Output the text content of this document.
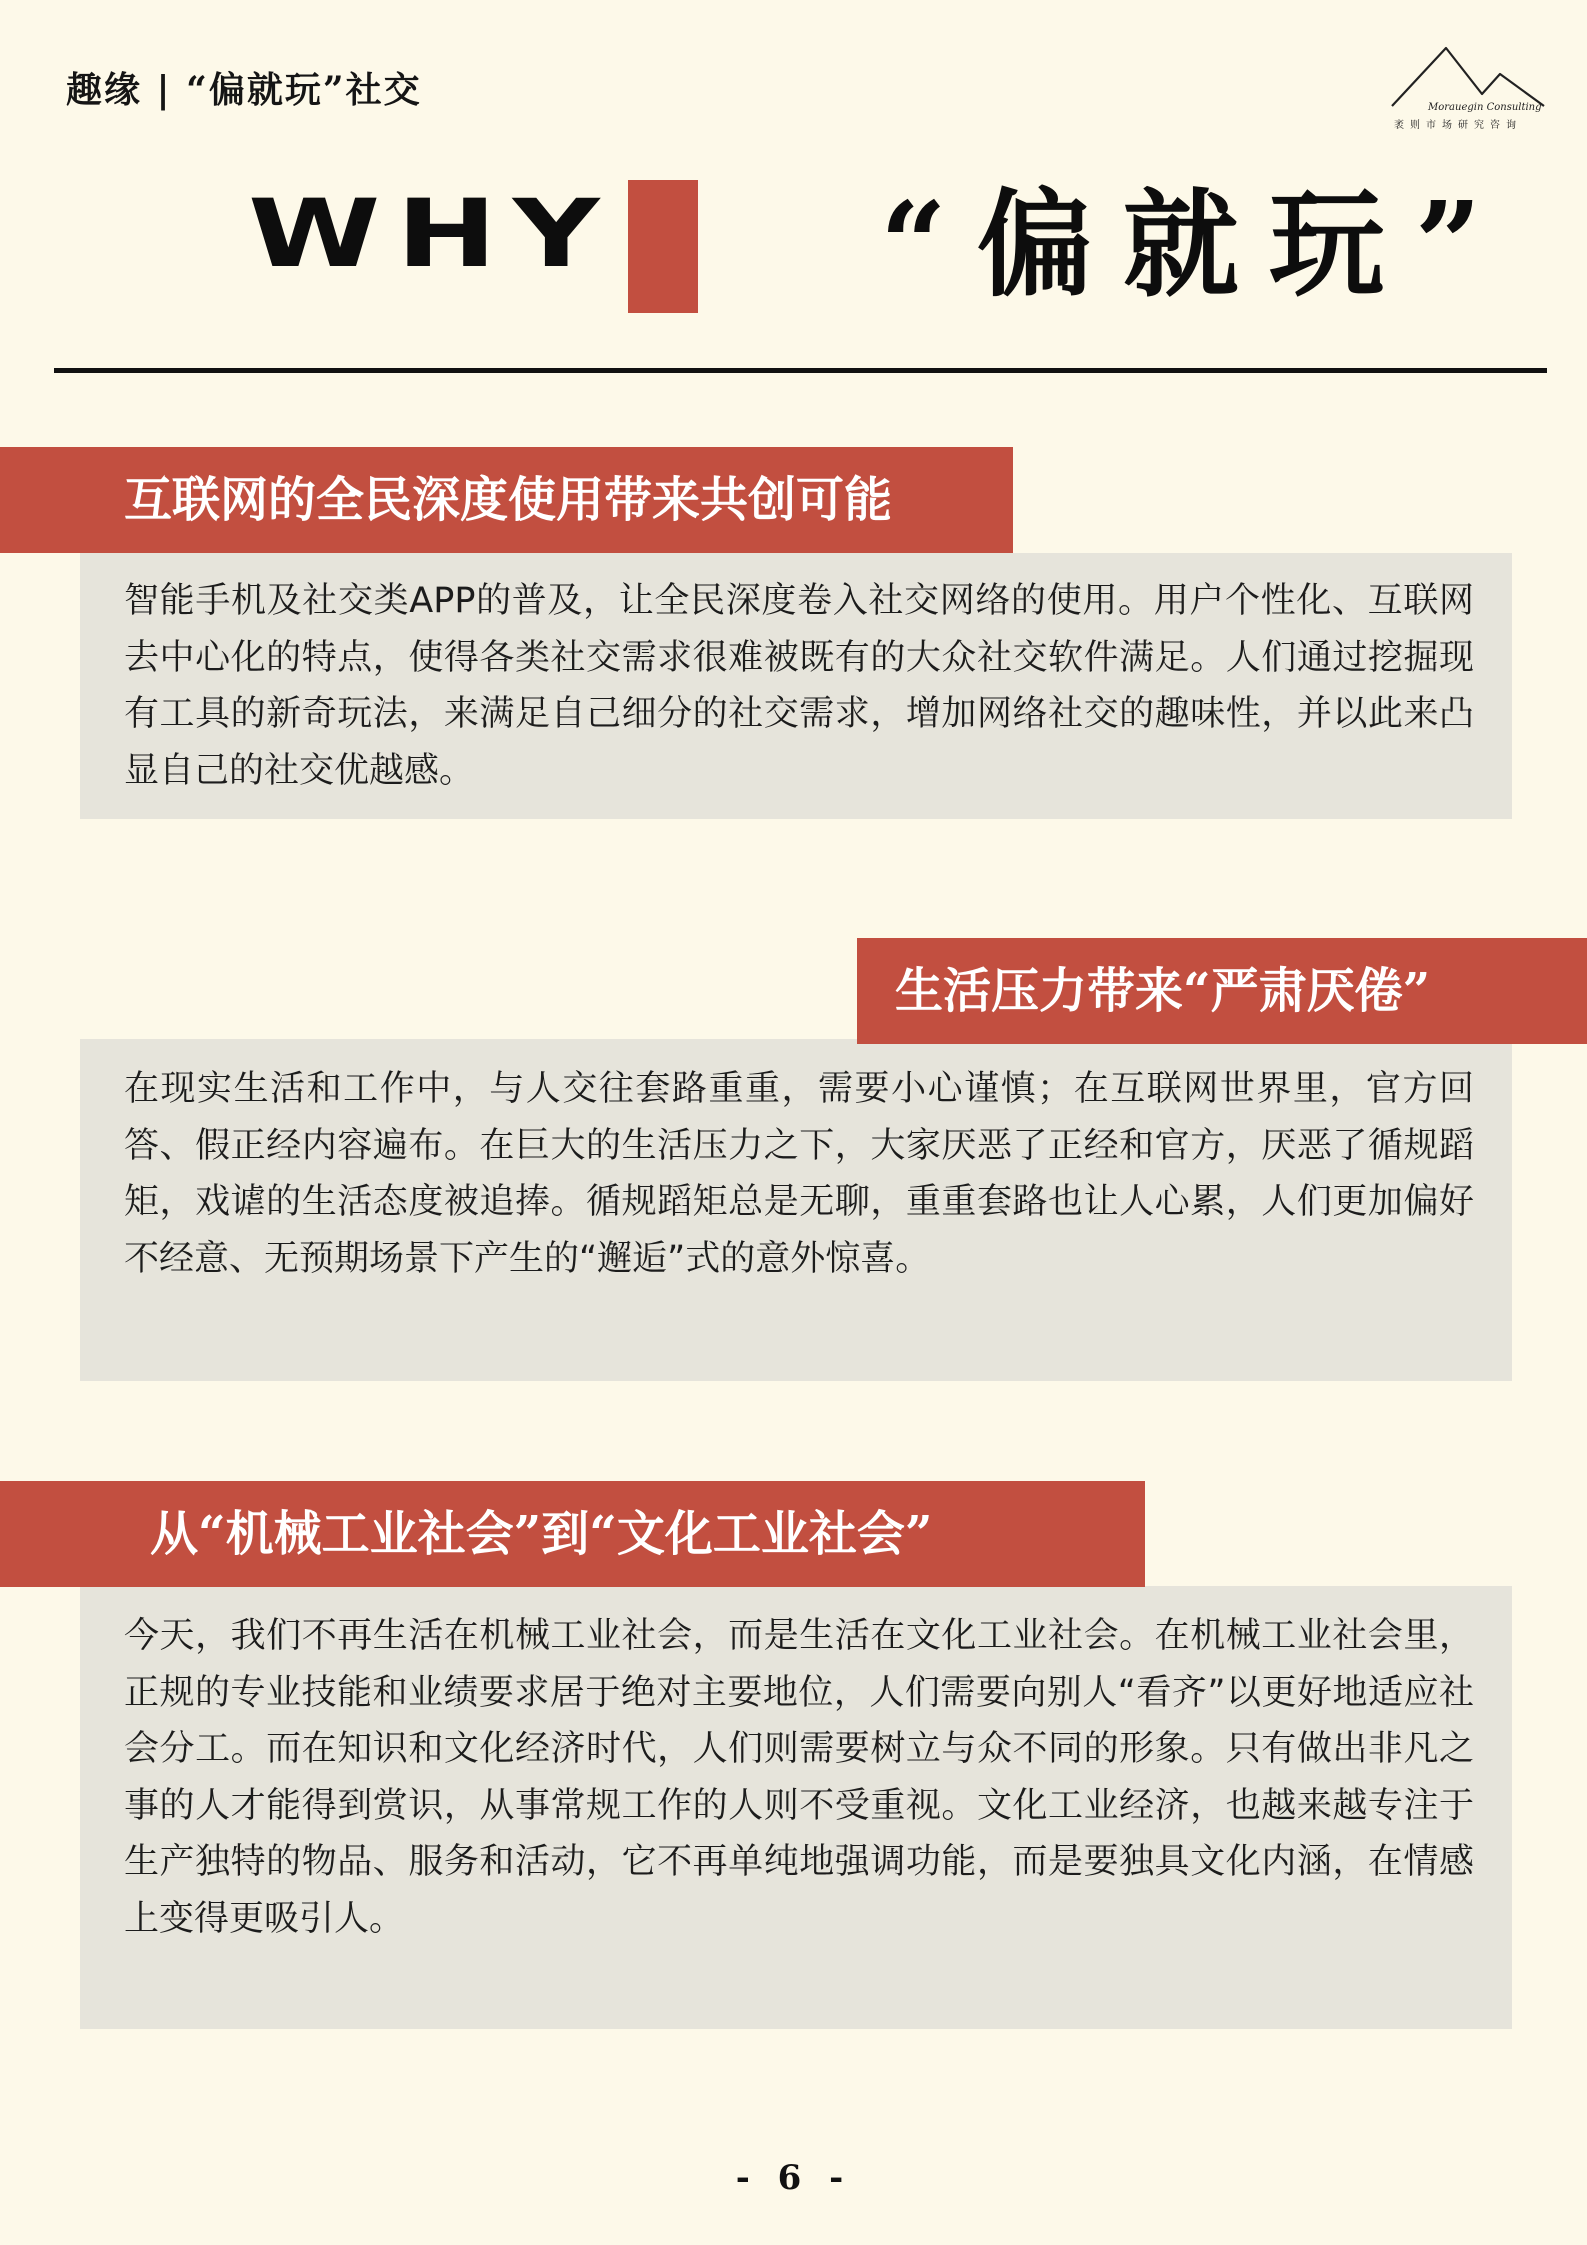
趣缘 | “偏就玩”社交	Morauegin Consulting
袤则市场研究咨询
WHY “偏就玩”
智能手机及社交类APP的普及，让全民深度卷入社交网络的使用。用户个性化、互联网去中心化的特点，使得各类社交需求很难被既有的大众社交软件满足。人们通过挖掘现有工具的新奇玩法，来满足自己细分的社交需求，增加网络社交的趣味性，并以此来凸显自己的社交优越感。
互联网的全民深度使用带来共创可能
在现实生活和工作中，与人交往套路重重，需要小心谨慎；在互联网世界里，官方回答、假正经内容遍布。在巨大的生活压力之下，大家厌恶了正经和官方，厌恶了循规蹈矩，戏谑的生活态度被追捧。循规蹈矩总是无聊，重重套路也让人心累，人们更加偏好不经意、无预期场景下产生的“邂逅”式的意外惊喜。
生活压力带来“严肃厌倦”
今天，我们不再生活在机械工业社会，而是生活在文化工业社会。在机械工业社会里，正规的专业技能和业绩要求居于绝对主要地位，人们需要向别人“看齐”以更好地适应社会分工。而在知识和文化经济时代，人们则需要树立与众不同的形象。只有做出非凡之事的人才能得到赏识，从事常规工作的人则不受重视。文化工业经济，也越来越专注于生产独特的物品、服务和活动，它不再单纯地强调功能，而是要独具文化内涵，在情感上变得更吸引人。
从“机械工业社会”到“文化工业社会”
- 6 -
